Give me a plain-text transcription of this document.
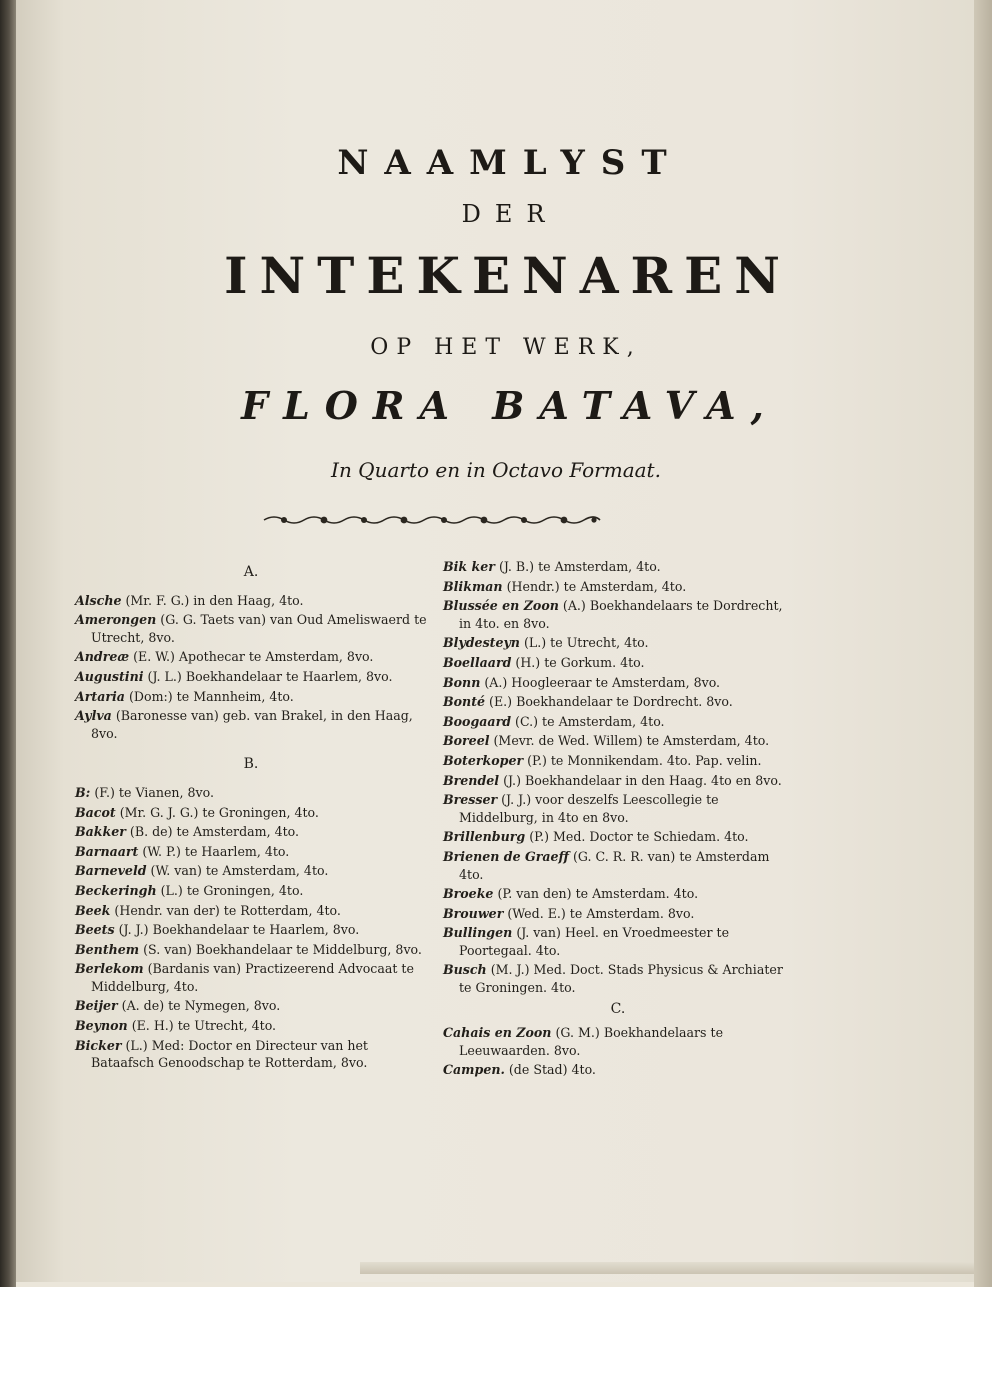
NAAMLYST
DER
INTEKENAREN
OP HET WERK,
FLORA BATAVA,
In Quarto en in Octavo Formaat.
A.
Alsche (Mr. F. G.) in den Haag, 4to.
Amerongen (G. G. Taets van) van Oud Ameliswaerd te Utrecht, 8vo.
Andreæ (E. W.) Apothecar te Amsterdam, 8vo.
Augustini (J. L.) Boekhandelaar te Haarlem, 8vo.
Artaria (Dom:) te Mannheim, 4to.
Aylva (Baronesse van) geb. van Brakel, in den Haag, 8vo.
B.
B: (F.) te Vianen, 8vo.
Bacot (Mr. G. J. G.) te Groningen, 4to.
Bakker (B. de) te Amsterdam, 4to.
Barnaart (W. P.) te Haarlem, 4to.
Barneveld (W. van) te Amsterdam, 4to.
Beckeringh (L.) te Groningen, 4to.
Beek (Hendr. van der) te Rotterdam, 4to.
Beets (J. J.) Boekhandelaar te Haarlem, 8vo.
Benthem (S. van) Boekhandelaar te Middelburg, 8vo.
Berlekom (Bardanis van) Practizeerend Advocaat te Middelburg, 4to.
Beijer (A. de) te Nymegen, 8vo.
Beynon (E. H.) te Utrecht, 4to.
Bicker (L.) Med: Doctor en Directeur van het Bataafsch Genoodschap te Rotterdam, 8vo.
Bik ker (J. B.) te Amsterdam, 4to.
Blikman (Hendr.) te Amsterdam, 4to.
Blussée en Zoon (A.) Boekhandelaars te Dordrecht, in 4to. en 8vo.
Blydesteyn (L.) te Utrecht, 4to.
Boellaard (H.) te Gorkum. 4to.
Bonn (A.) Hoogleeraar te Amsterdam, 8vo.
Bonté (E.) Boekhandelaar te Dordrecht. 8vo.
Boogaard (C.) te Amsterdam, 4to.
Boreel (Mevr. de Wed. Willem) te Amsterdam, 4to.
Boterkoper (P.) te Monnikendam. 4to. Pap. velin.
Brendel (J.) Boekhandelaar in den Haag. 4to en 8vo.
Bresser (J. J.) voor deszelfs Leescollegie te Middelburg, in 4to en 8vo.
Brillenburg (P.) Med. Doctor te Schiedam. 4to.
Brienen de Graeff (G. C. R. R. van) te Amsterdam 4to.
Broeke (P. van den) te Amsterdam. 4to.
Brouwer (Wed. E.) te Amsterdam. 8vo.
Bullingen (J. van) Heel. en Vroedmeester te Poortegaal. 4to.
Busch (M. J.) Med. Doct. Stads Physicus & Archiater te Groningen. 4to.
C.
Cahais en Zoon (G. M.) Boekhandelaars te Leeuwaarden. 8vo.
Campen. (de Stad) 4to.
